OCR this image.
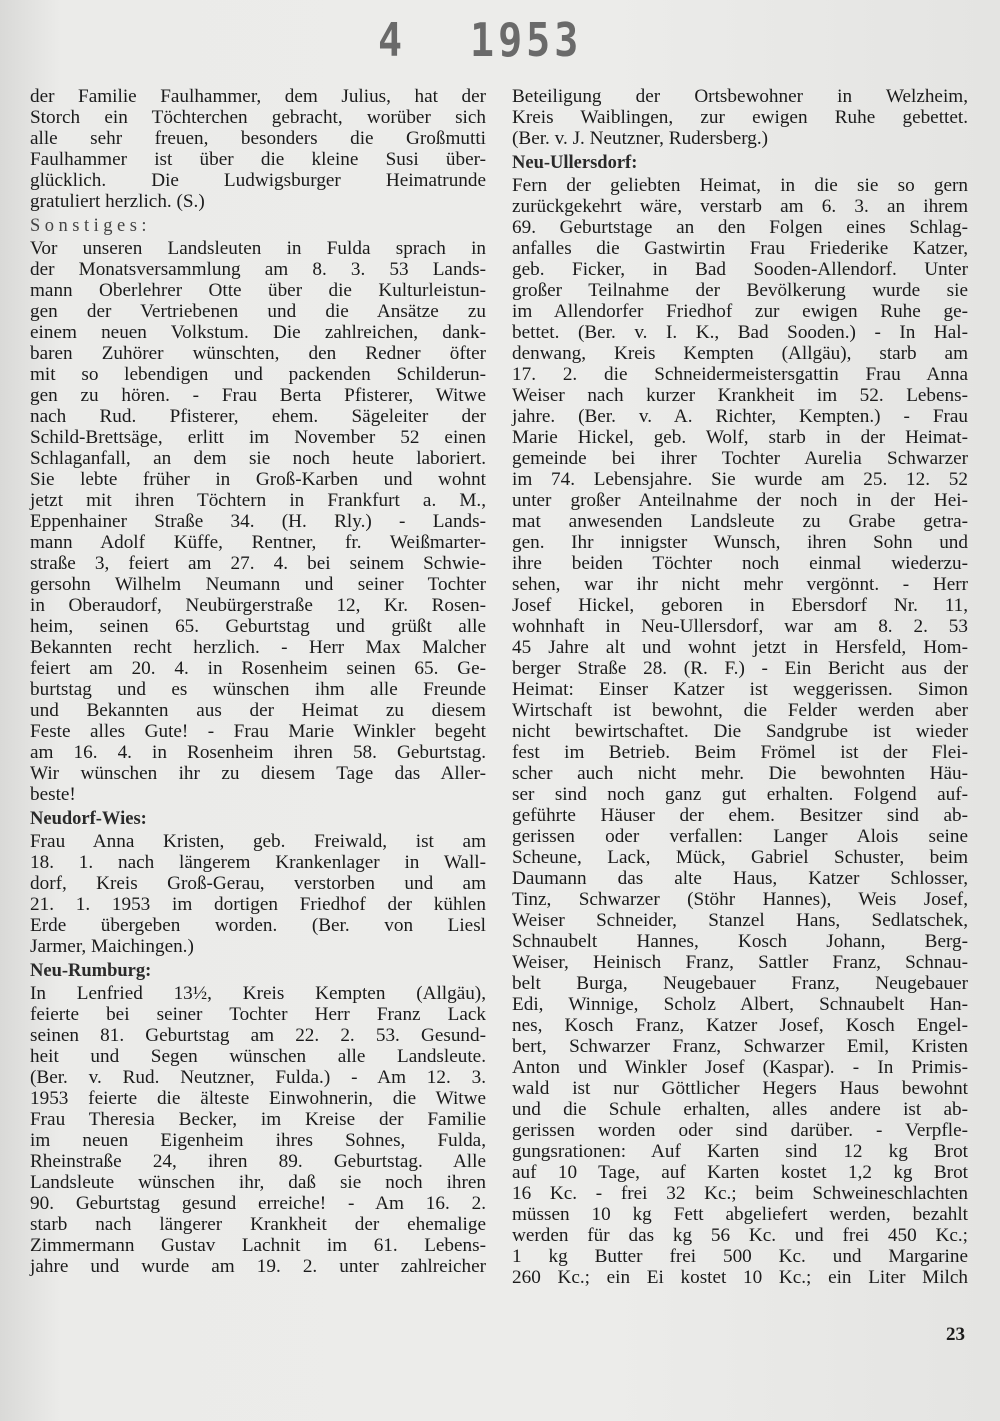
4 1953
der Familie Faulhammer, dem Julius, hat der
Storch ein Töchterchen gebracht, worüber sich
alle sehr freuen, besonders die Großmutti
Faulhammer ist über die kleine Susi über-
glücklich. Die Ludwigsburger Heimatrunde
gratuliert herzlich. (S.)
Sonstiges:
Vor unseren Landsleuten in Fulda sprach in
der Monatsversammlung am 8. 3. 53 Lands-
mann Oberlehrer Otte über die Kulturleistun-
gen der Vertriebenen und die Ansätze zu
einem neuen Volkstum. Die zahlreichen, dank-
baren Zuhörer wünschten, den Redner öfter
mit so lebendigen und packenden Schilderun-
gen zu hören. - Frau Berta Pfisterer, Witwe
nach Rud. Pfisterer, ehem. Sägeleiter der
Schild-Brettsäge, erlitt im November 52 einen
Schlaganfall, an dem sie noch heute laboriert.
Sie lebte früher in Groß-Karben und wohnt
jetzt mit ihren Töchtern in Frankfurt a. M.,
Eppenhainer Straße 34. (H. Rly.) - Lands-
mann Adolf Küffe, Rentner, fr. Weißmarter-
straße 3, feiert am 27. 4. bei seinem Schwie-
gersohn Wilhelm Neumann und seiner Tochter
in Oberaudorf, Neubürgerstraße 12, Kr. Rosen-
heim, seinen 65. Geburtstag und grüßt alle
Bekannten recht herzlich. - Herr Max Malcher
feiert am 20. 4. in Rosenheim seinen 65. Ge-
burtstag und es wünschen ihm alle Freunde
und Bekannten aus der Heimat zu diesem
Feste alles Gute! - Frau Marie Winkler begeht
am 16. 4. in Rosenheim ihren 58. Geburtstag.
Wir wünschen ihr zu diesem Tage das Aller-
beste!
Neudorf-Wies:
Frau Anna Kristen, geb. Freiwald, ist am
18. 1. nach längerem Krankenlager in Wall-
dorf, Kreis Groß-Gerau, verstorben und am
21. 1. 1953 im dortigen Friedhof der kühlen
Erde übergeben worden. (Ber. von Liesl
Jarmer, Maichingen.)
Neu-Rumburg:
In Lenfried 13½, Kreis Kempten (Allgäu),
feierte bei seiner Tochter Herr Franz Lack
seinen 81. Geburtstag am 22. 2. 53. Gesund-
heit und Segen wünschen alle Landsleute.
(Ber. v. Rud. Neutzner, Fulda.) - Am 12. 3.
1953 feierte die älteste Einwohnerin, die Witwe
Frau Theresia Becker, im Kreise der Familie
im neuen Eigenheim ihres Sohnes, Fulda,
Rheinstraße 24, ihren 89. Geburtstag. Alle
Landsleute wünschen ihr, daß sie noch ihren
90. Geburtstag gesund erreiche! - Am 16. 2.
starb nach längerer Krankheit der ehemalige
Zimmermann Gustav Lachnit im 61. Lebens-
jahre und wurde am 19. 2. unter zahlreicher
Beteiligung der Ortsbewohner in Welzheim,
Kreis Waiblingen, zur ewigen Ruhe gebettet.
(Ber. v. J. Neutzner, Rudersberg.)
Neu-Ullersdorf:
Fern der geliebten Heimat, in die sie so gern
zurückgekehrt wäre, verstarb am 6. 3. an ihrem
69. Geburtstage an den Folgen eines Schlag-
anfalles die Gastwirtin Frau Friederike Katzer,
geb. Ficker, in Bad Sooden-Allendorf. Unter
großer Teilnahme der Bevölkerung wurde sie
im Allendorfer Friedhof zur ewigen Ruhe ge-
bettet. (Ber. v. I. K., Bad Sooden.) - In Hal-
denwang, Kreis Kempten (Allgäu), starb am
17. 2. die Schneidermeistersgattin Frau Anna
Weiser nach kurzer Krankheit im 52. Lebens-
jahre. (Ber. v. A. Richter, Kempten.) - Frau
Marie Hickel, geb. Wolf, starb in der Heimat-
gemeinde bei ihrer Tochter Aurelia Schwarzer
im 74. Lebensjahre. Sie wurde am 25. 12. 52
unter großer Anteilnahme der noch in der Hei-
mat anwesenden Landsleute zu Grabe getra-
gen. Ihr innigster Wunsch, ihren Sohn und
ihre beiden Töchter noch einmal wiederzu-
sehen, war ihr nicht mehr vergönnt. - Herr
Josef Hickel, geboren in Ebersdorf Nr. 11,
wohnhaft in Neu-Ullersdorf, war am 8. 2. 53
45 Jahre alt und wohnt jetzt in Hersfeld, Hom-
berger Straße 28. (R. F.) - Ein Bericht aus der
Heimat: Einser Katzer ist weggerissen. Simon
Wirtschaft ist bewohnt, die Felder werden aber
nicht bewirtschaftet. Die Sandgrube ist wieder
fest im Betrieb. Beim Frömel ist der Flei-
scher auch nicht mehr. Die bewohnten Häu-
ser sind noch ganz gut erhalten. Folgend auf-
geführte Häuser der ehem. Besitzer sind ab-
gerissen oder verfallen: Langer Alois seine
Scheune, Lack, Mück, Gabriel Schuster, beim
Daumann das alte Haus, Katzer Schlosser,
Tinz, Schwarzer (Stöhr Hannes), Weis Josef,
Weiser Schneider, Stanzel Hans, Sedlatschek,
Schnaubelt Hannes, Kosch Johann, Berg-
Weiser, Heinisch Franz, Sattler Franz, Schnau-
belt Burga, Neugebauer Franz, Neugebauer
Edi, Winnige, Scholz Albert, Schnaubelt Han-
nes, Kosch Franz, Katzer Josef, Kosch Engel-
bert, Schwarzer Franz, Schwarzer Emil, Kristen
Anton und Winkler Josef (Kaspar). - In Primis-
wald ist nur Göttlicher Hegers Haus bewohnt
und die Schule erhalten, alles andere ist ab-
gerissen worden oder sind darüber. - Verpfle-
gungsrationen: Auf Karten sind 12 kg Brot
auf 10 Tage, auf Karten kostet 1,2 kg Brot
16 Kc. - frei 32 Kc.; beim Schweineschlachten
müssen 10 kg Fett abgeliefert werden, bezahlt
werden für das kg 56 Kc. und frei 450 Kc.;
1 kg Butter frei 500 Kc. und Margarine
260 Kc.; ein Ei kostet 10 Kc.; ein Liter Milch
23
